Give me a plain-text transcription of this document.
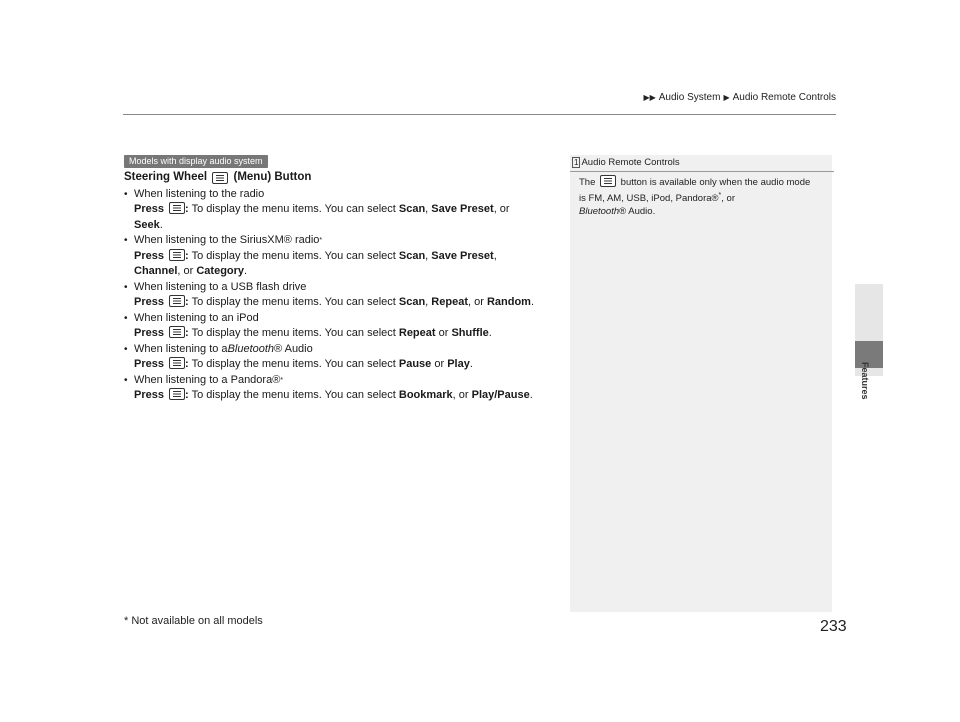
▶▶ Audio System ▶ Audio Remote Controls
Features
Models with display audio system
Steering Wheel

(Menu) Button
• When listening to the radio
Press :	To display the menu items. You can select Scan, Save Preset, or
Seek.
• When listening to the SiriusXM® radio *
Press :	To display the menu items. You can select Scan, Save Preset,
Channel, or Category.
• When listening to a USB flash drive
Press :	To display the menu items. You can select Scan, Repeat, or Random.
• When listening to an iPod
Press :	To display the menu items. You can select Repeat or Shuffle.
• When listening to a Bluetooth ® Audio
Press :	To display the menu items. You can select Pause or Play.
• When listening to a Pandora® *
Press :	To display the menu items. You can select Bookmark, or Play/Pause.
1 Audio Remote Controls
The	button is available only when the audio mode is FM, AM, USB, iPod, Pandora®*, or
Bluetooth® Audio.
* Not available on all models	233
